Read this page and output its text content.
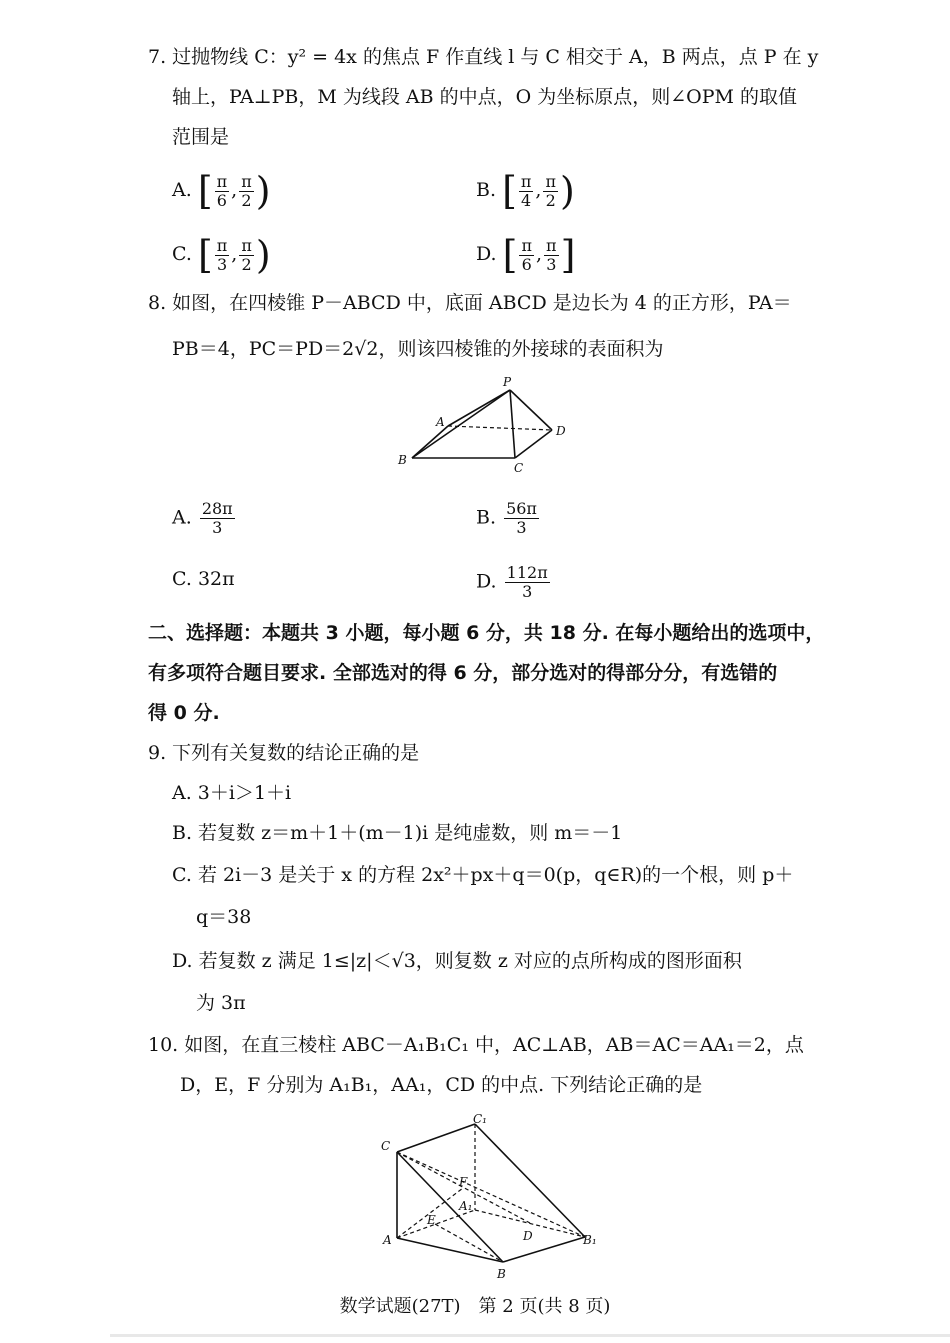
7. 过抛物线 C：y² = 4x 的焦点 F 作直线 l 与 C 相交于 A，B 两点，点 P 在 y
轴上，PA⊥PB，M 为线段 AB 的中点，O 为坐标原点，则∠OPM 的取值
范围是
A. [ $\frac{\pi}{6}$ , $\frac{\pi}{2}$ )	B. [ $\frac{\pi}{4}$ , $\frac{\pi}{2}$ )
C. [ $\frac{\pi}{3}$ , $\frac{\pi}{2}$ )	D. [ $\frac{\pi}{6}$ , $\frac{\pi}{3}$ ]
8. 如图，在四棱锥 P－ABCD 中，底面 ABCD 是边长为 4 的正方形，PA＝
PB＝4，PC＝PD＝2√2，则该四棱锥的外接球的表面积为
P
A
B
C
D
A. $\frac{28\pi}{3}$	B. $\frac{56\pi}{3}$
C. 32π	D. $\frac{112\pi}{3}$
二、选择题：本题共 3 小题，每小题 6 分，共 18 分. 在每小题给出的选项中，
有多项符合题目要求. 全部选对的得 6 分，部分选对的得部分分，有选错的
得 0 分.
9. 下列有关复数的结论正确的是
A. 3＋i＞1＋i
B. 若复数 z＝m＋1＋(m－1)i 是纯虚数，则 m＝－1
C. 若 2i－3 是关于 x 的方程 2x²＋px＋q＝0(p，q∈R)的一个根，则 p＋
q＝38
D. 若复数 z 满足 1≤|z|＜√3，则复数 z 对应的点所构成的图形面积
为 3π
10. 如图，在直三棱柱 ABC－A₁B₁C₁ 中，AC⊥AB，AB＝AC＝AA₁＝2，点
D，E，F 分别为 A₁B₁，AA₁，CD 的中点. 下列结论正确的是
C
C₁
F
A₁
E
A	D	B₁
B
数学试题(27T)　第 2 页(共 8 页)
